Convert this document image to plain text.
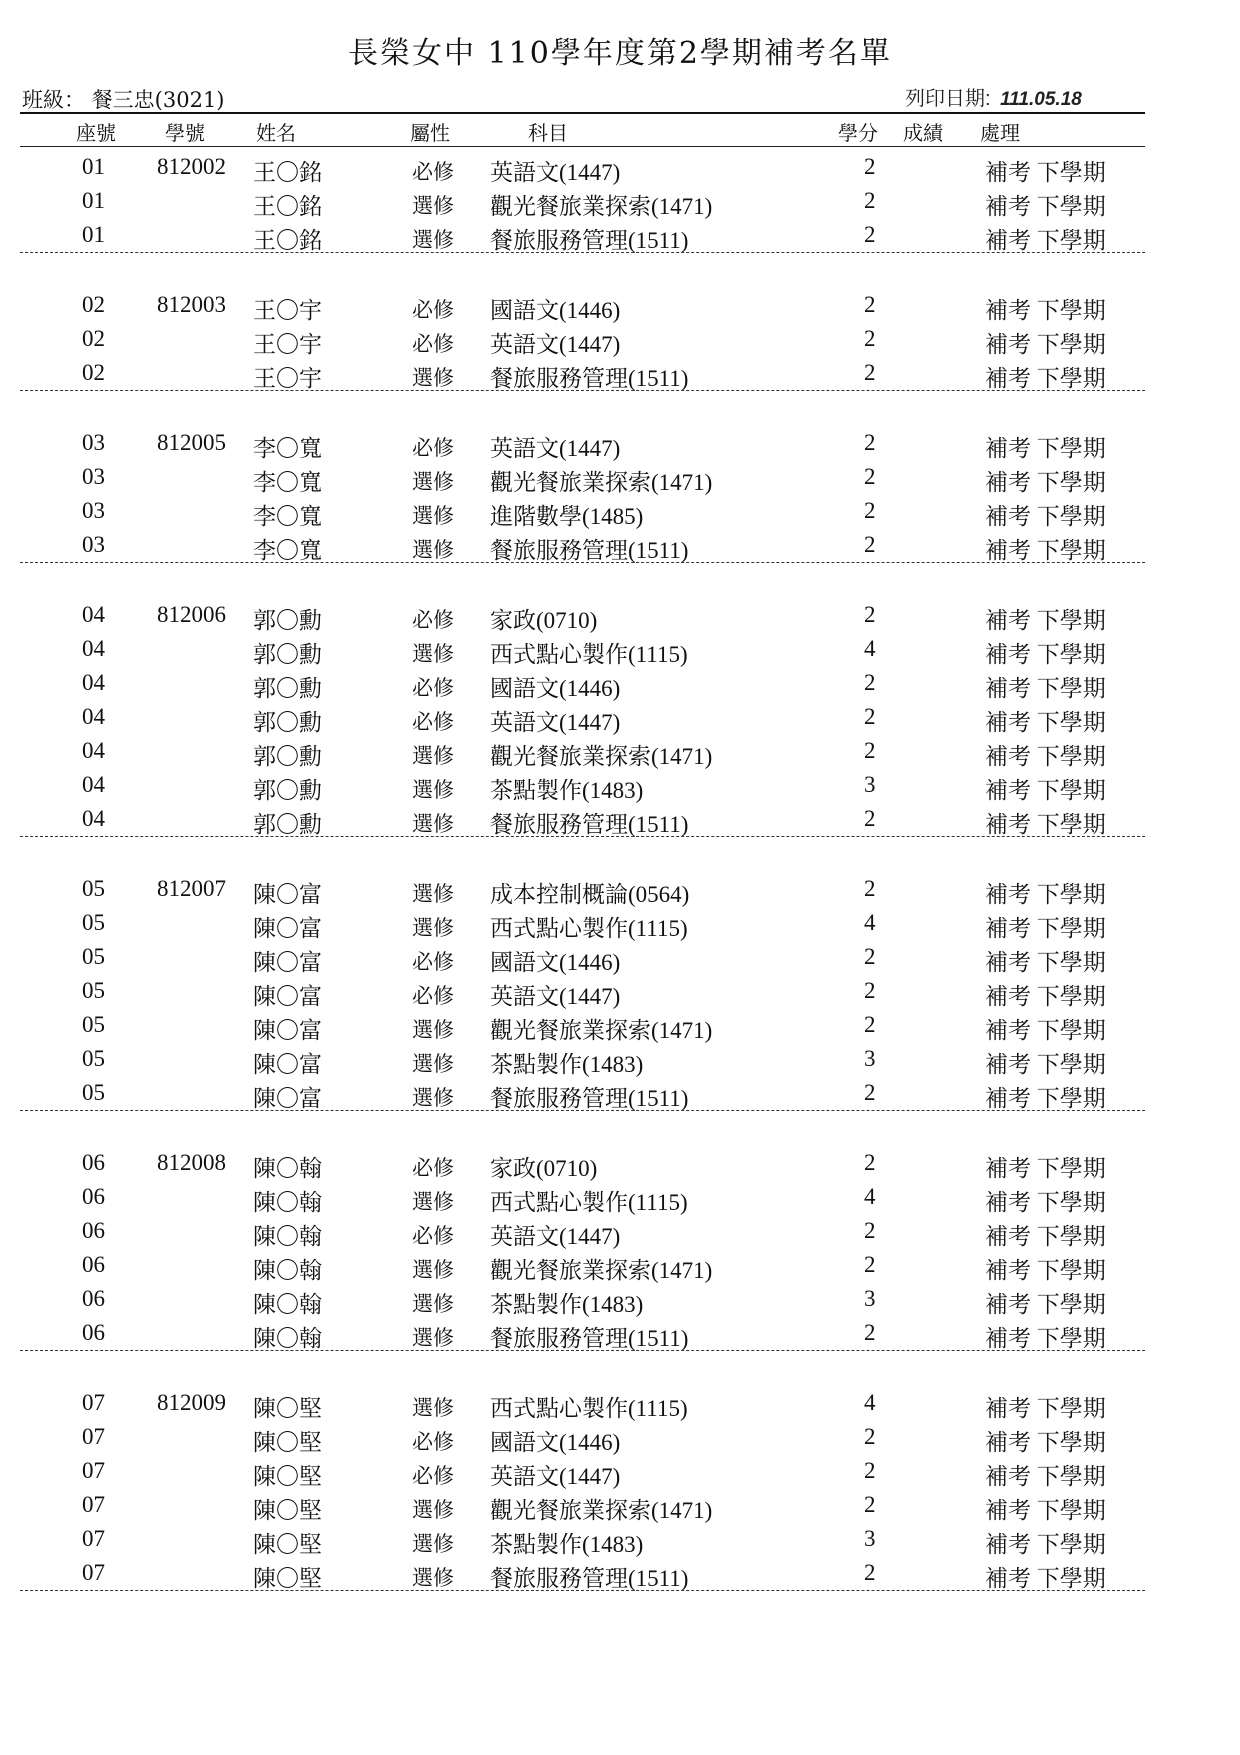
長榮女中 110學年度第2學期補考名單
班級： 餐三忠(3021)	列印日期: 111.05.18
座號 學號	姓名	屬性	科目	學分 成績 處理
01 812002 王〇銘	必修 英語文(1447)	2	補考 下學期
01	王〇銘	選修 觀光餐旅業探索(1471)	2	補考 下學期
01	王〇銘	選修 餐旅服務管理(1511)	2	補考 下學期
02 812003 王〇宇	必修 國語文(1446)	2	補考 下學期
02	王〇宇	必修 英語文(1447)	2	補考 下學期
02	王〇宇	選修 餐旅服務管理(1511)	2	補考 下學期
03 812005 李〇寬	必修 英語文(1447)	2	補考 下學期
03	李〇寬	選修 觀光餐旅業探索(1471)	2	補考 下學期
03	李〇寬	選修 進階數學(1485)	2	補考 下學期
03	李〇寬	選修 餐旅服務管理(1511)	2	補考 下學期
04 812006 郭〇勳	必修 家政(0710)	2	補考 下學期
04	郭〇勳	選修 西式點心製作(1115)	4	補考 下學期
04	郭〇勳	必修 國語文(1446)	2	補考 下學期
04	郭〇勳	必修 英語文(1447)	2	補考 下學期
04	郭〇勳	選修 觀光餐旅業探索(1471)	2	補考 下學期
04	郭〇勳	選修 茶點製作(1483)	3	補考 下學期
04	郭〇勳	選修 餐旅服務管理(1511)	2	補考 下學期
05 812007 陳〇富	選修 成本控制概論(0564)	2	補考 下學期
05	陳〇富	選修 西式點心製作(1115)	4	補考 下學期
05	陳〇富	必修 國語文(1446)	2	補考 下學期
05	陳〇富	必修 英語文(1447)	2	補考 下學期
05	陳〇富	選修 觀光餐旅業探索(1471)	2	補考 下學期
05	陳〇富	選修 茶點製作(1483)	3	補考 下學期
05	陳〇富	選修 餐旅服務管理(1511)	2	補考 下學期
06 812008 陳〇翰	必修 家政(0710)	2	補考 下學期
06	陳〇翰	選修 西式點心製作(1115)	4	補考 下學期
06	陳〇翰	必修 英語文(1447)	2	補考 下學期
06	陳〇翰	選修 觀光餐旅業探索(1471)	2	補考 下學期
06	陳〇翰	選修 茶點製作(1483)	3	補考 下學期
06	陳〇翰	選修 餐旅服務管理(1511)	2	補考 下學期
07 812009 陳〇堅	選修 西式點心製作(1115)	4	補考 下學期
07	陳〇堅	必修 國語文(1446)	2	補考 下學期
07	陳〇堅	必修 英語文(1447)	2	補考 下學期
07	陳〇堅	選修 觀光餐旅業探索(1471)	2	補考 下學期
07	陳〇堅	選修 茶點製作(1483)	3	補考 下學期
07	陳〇堅	選修 餐旅服務管理(1511)	2	補考 下學期
